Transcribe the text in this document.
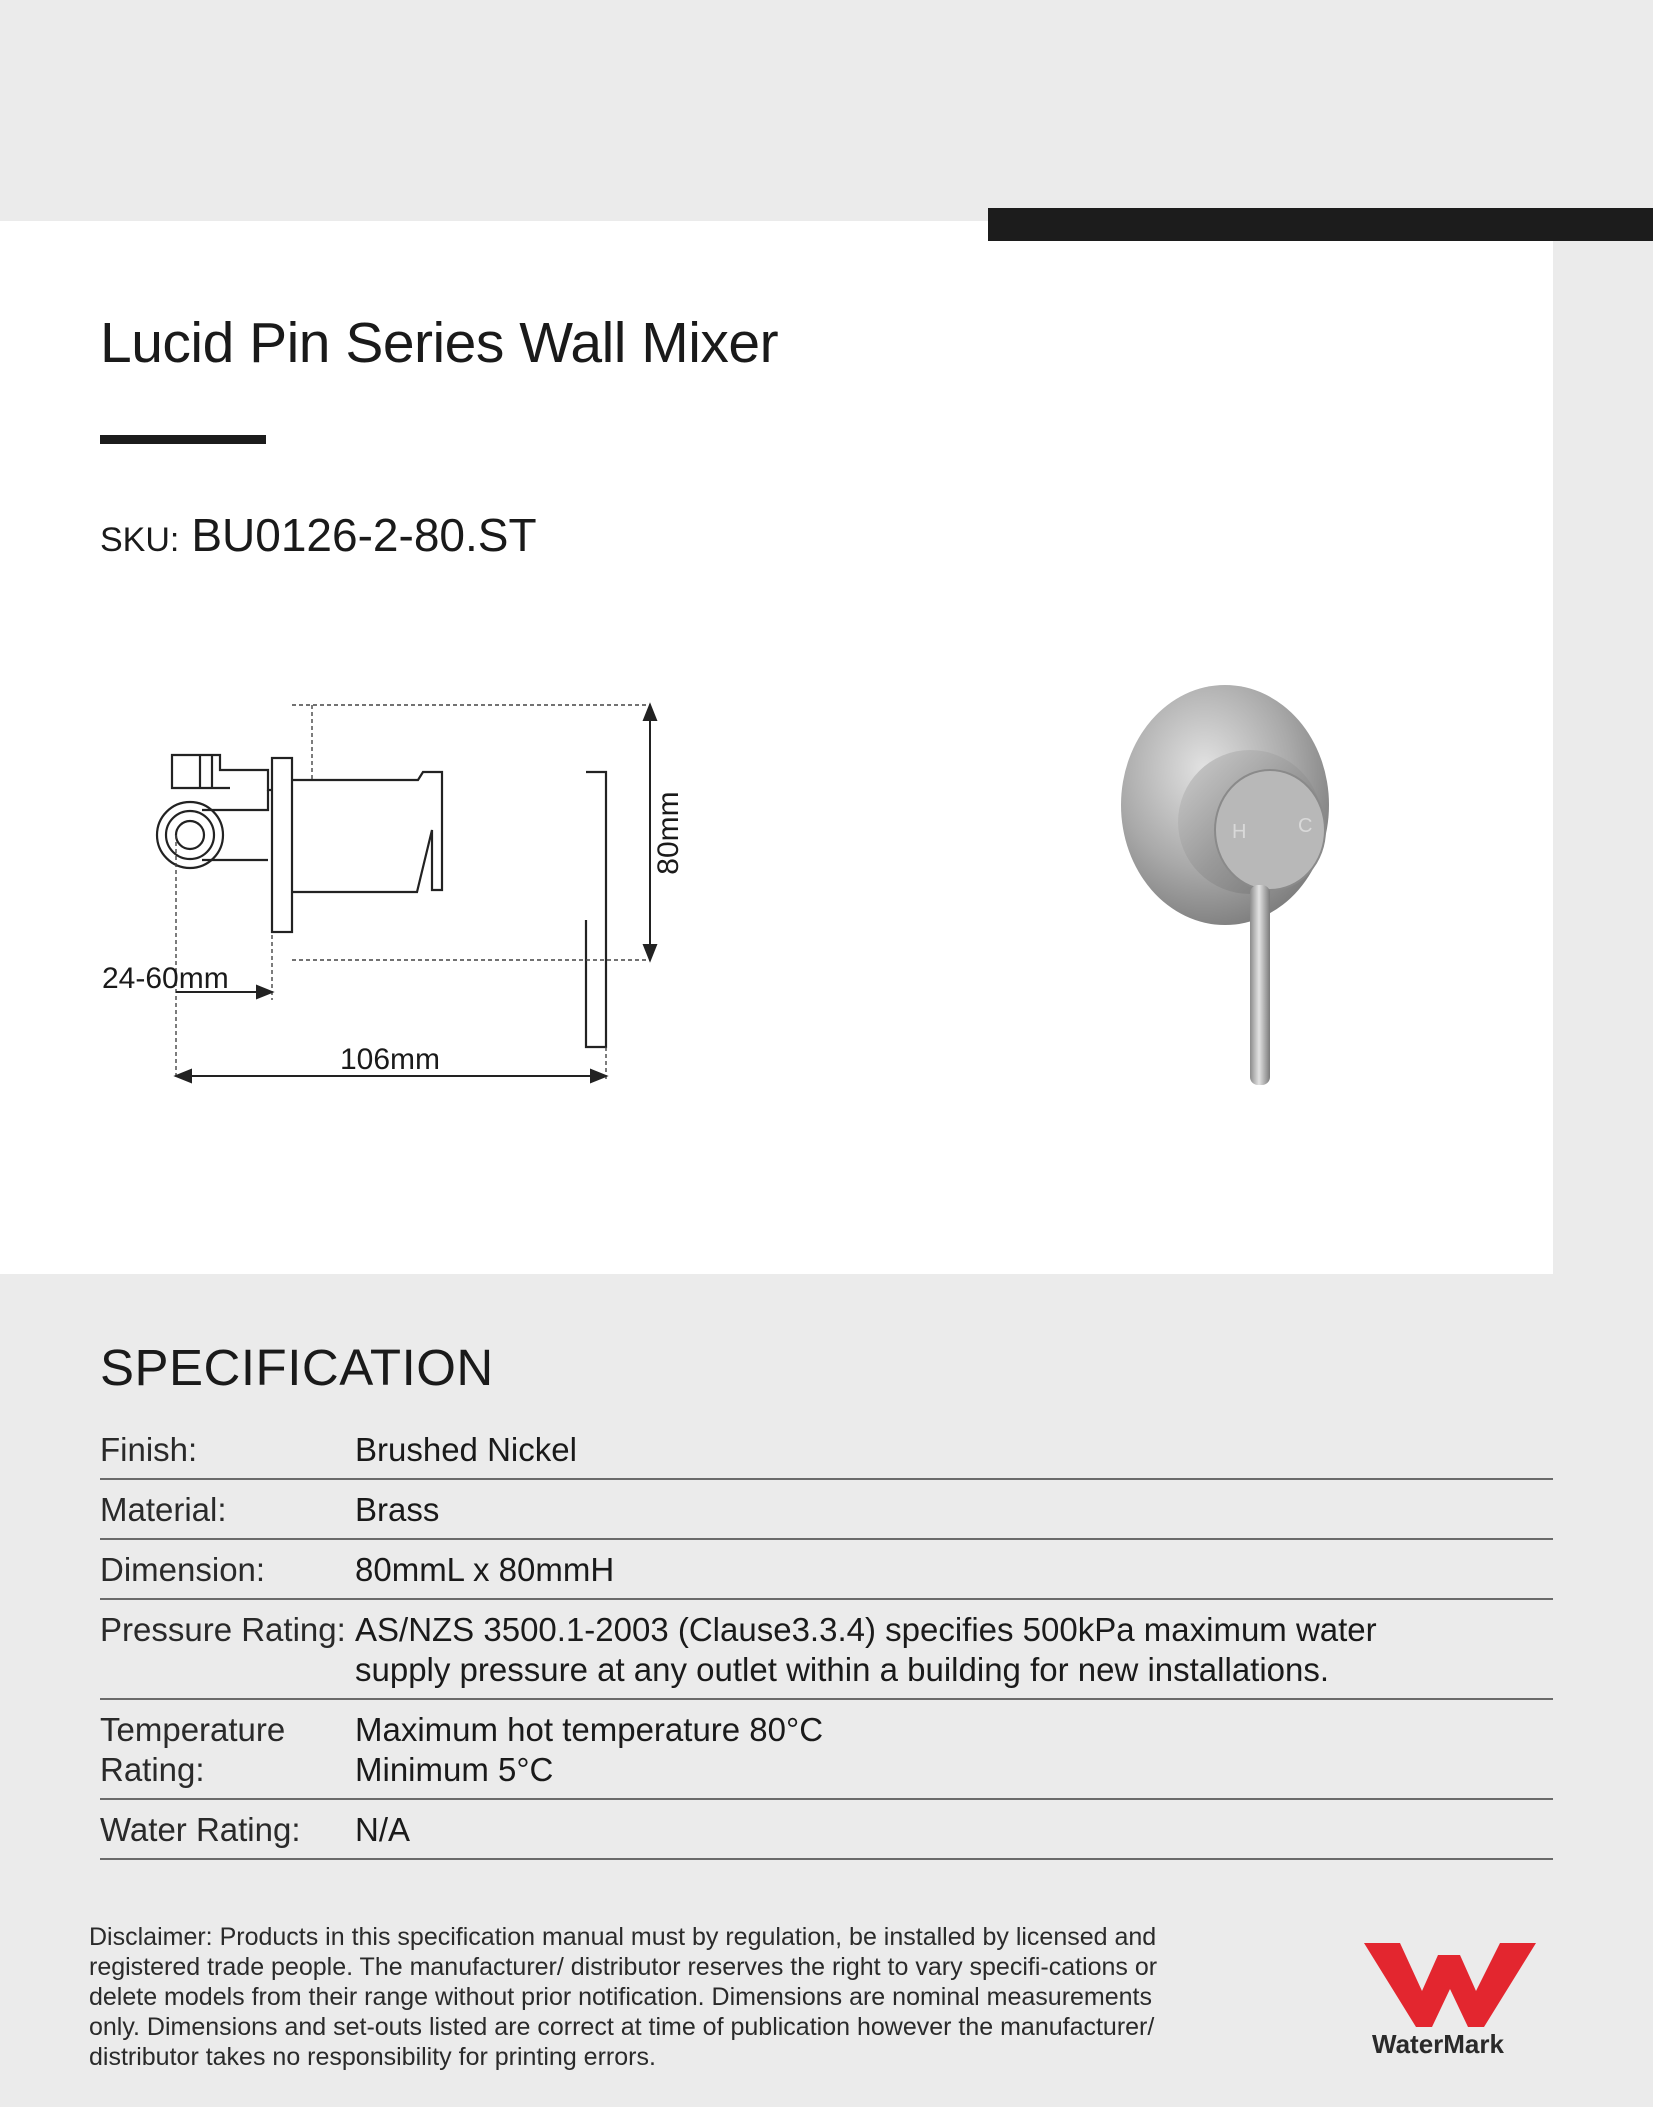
Lucid Pin Series Wall Mixer
SKU: BU0126-2-80.ST
80mm
24-60mm
106mm
H	C
SPECIFICATION
Finish:	Brushed Nickel
Material:	Brass
Dimension:	80mmL x 80mmH
Pressure Rating: AS/NZS 3500.1-2003 (Clause3.3.4) specifies 500kPa maximum water
supply pressure at any outlet within a building for new installations.
Temperature Rating:
Maximum hot temperature 80°C
Minimum 5°C
Water Rating:	N/A

Disclaimer: Products in this specification manual must by regulation, be installed by licensed and registered trade people. The manufacturer/ distributor reserves the right to vary specifi-cations or delete models from their range without prior notification. Dimensions are nominal measurements only. Dimensions and set-outs listed are correct at time of publication however the manufacturer/ distributor takes no responsibility for printing errors.	WaterMark
